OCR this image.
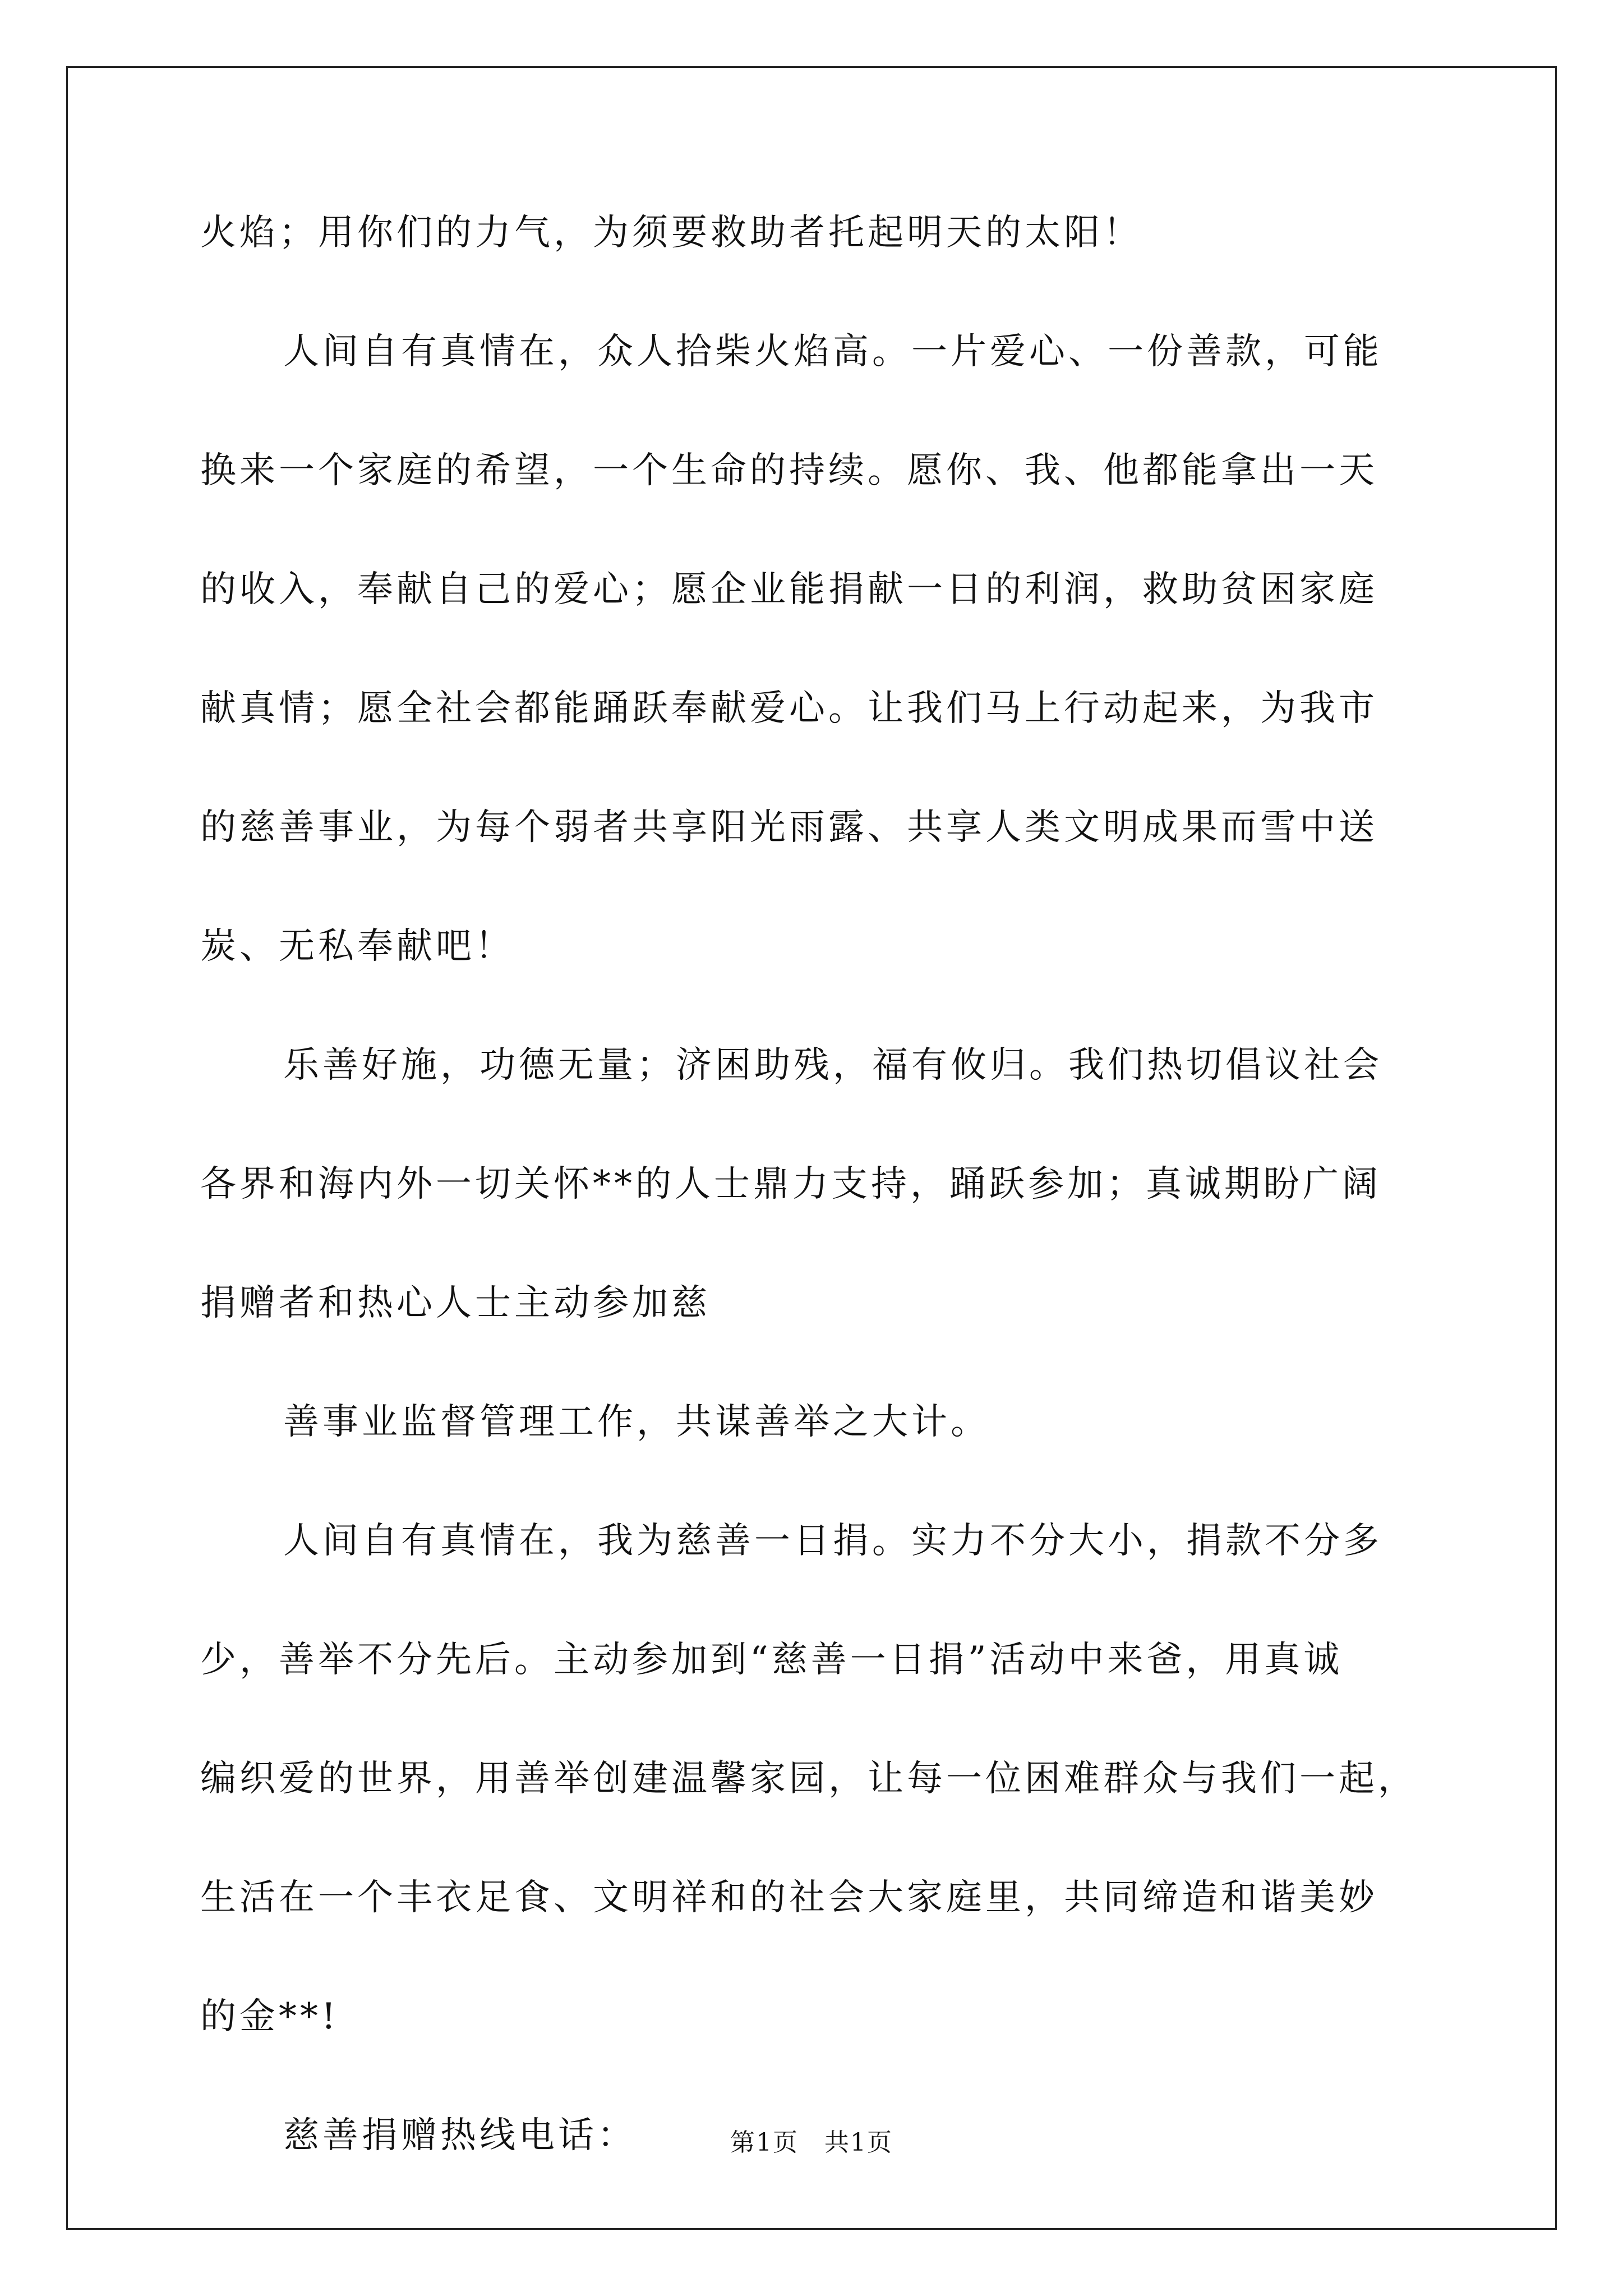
火焰；用你们的力气，为须要救助者托起明天的太阳！
人间自有真情在，众人拾柴火焰高。一片爱心、一份善款，可能
换来一个家庭的希望，一个生命的持续。愿你、我、他都能拿出一天
的收入，奉献自己的爱心；愿企业能捐献一日的利润，救助贫困家庭
献真情；愿全社会都能踊跃奉献爱心。让我们马上行动起来，为我市
的慈善事业，为每个弱者共享阳光雨露、共享人类文明成果而雪中送
炭、无私奉献吧！
乐善好施，功德无量；济困助残，福有攸归。我们热切倡议社会
各界和海内外一切关怀**的人士鼎力支持，踊跃参加；真诚期盼广阔
捐赠者和热心人士主动参加慈
善事业监督管理工作，共谋善举之大计。
人间自有真情在，我为慈善一日捐。实力不分大小，捐款不分多
少，善举不分先后。主动参加到“慈善一日捐”活动中来爸，用真诚
编织爱的世界，用善举创建温馨家园，让每一位困难群众与我们一起，
生活在一个丰衣足食、文明祥和的社会大家庭里，共同缔造和谐美妙
的金**!
慈善捐赠热线电话：	第1页　共1页
